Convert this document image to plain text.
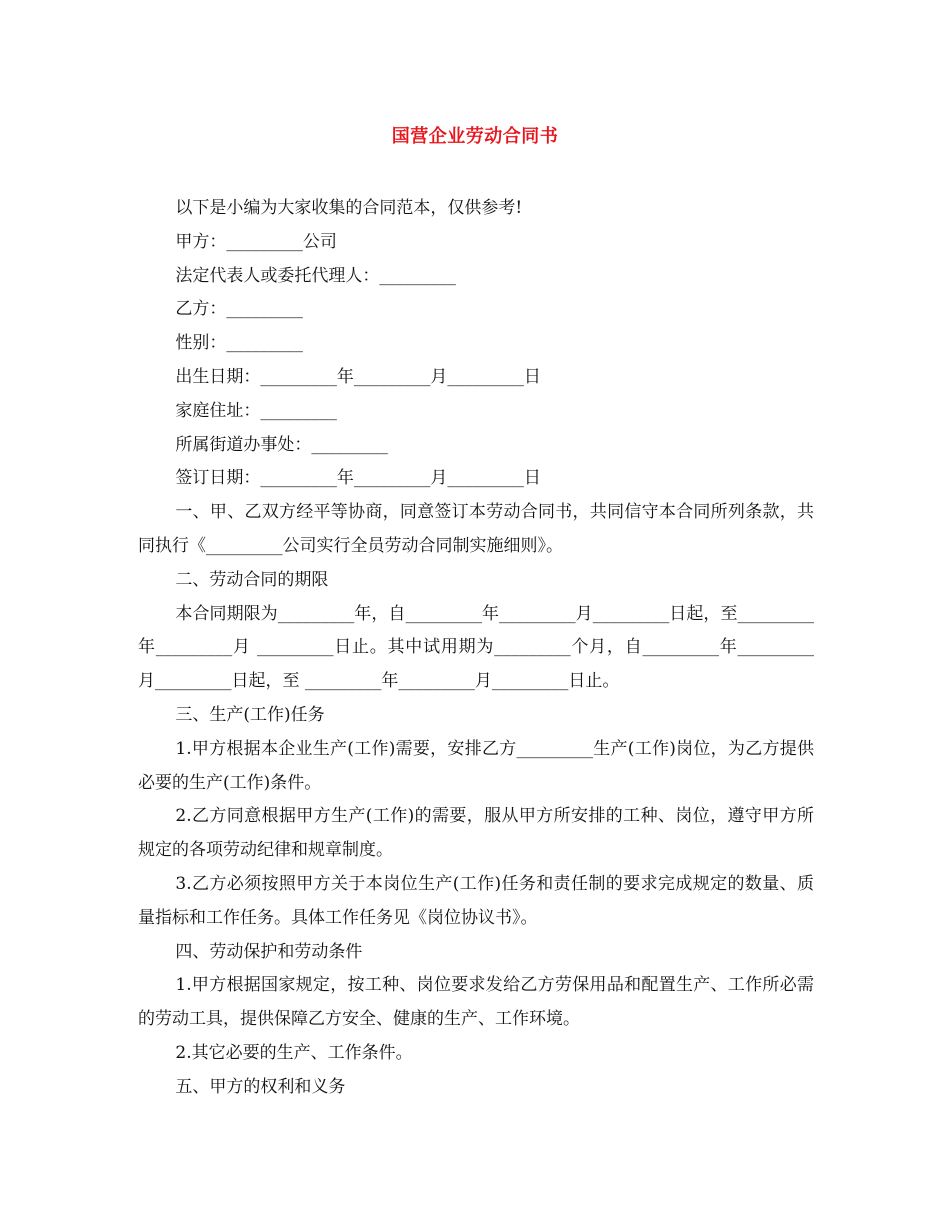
国营企业劳动合同书

以下是小编为大家收集的合同范本，仅供参考!

甲方：_________公司

法定代表人或委托代理人：_________

乙方：_________

性别：_________

出生日期：_________年_________月_________日

家庭住址：_________

所属街道办事处：_________

签订日期：_________年_________月_________日

一、甲、乙双方经平等协商，同意签订本劳动合同书，共同信守本合同所列条款，共同执行《_________公司实行全员劳动合同制实施细则》。

二、劳动合同的期限

本合同期限为_________年，自_________年_________月_________日起，至_________年_________月 _________日止。其中试用期为_________个月，自_________年_________月_________日起，至 _________年_________月_________日止。

三、生产(工作)任务

1.甲方根据本企业生产(工作)需要，安排乙方_________生产(工作)岗位，为乙方提供必要的生产(工作)条件。

2.乙方同意根据甲方生产(工作)的需要，服从甲方所安排的工种、岗位，遵守甲方所规定的各项劳动纪律和规章制度。

3.乙方必须按照甲方关于本岗位生产(工作)任务和责任制的要求完成规定的数量、质量指标和工作任务。具体工作任务见《岗位协议书》。

四、劳动保护和劳动条件

1.甲方根据国家规定，按工种、岗位要求发给乙方劳保用品和配置生产、工作所必需的劳动工具，提供保障乙方安全、健康的生产、工作环境。

2.其它必要的生产、工作条件。

五、甲方的权利和义务
